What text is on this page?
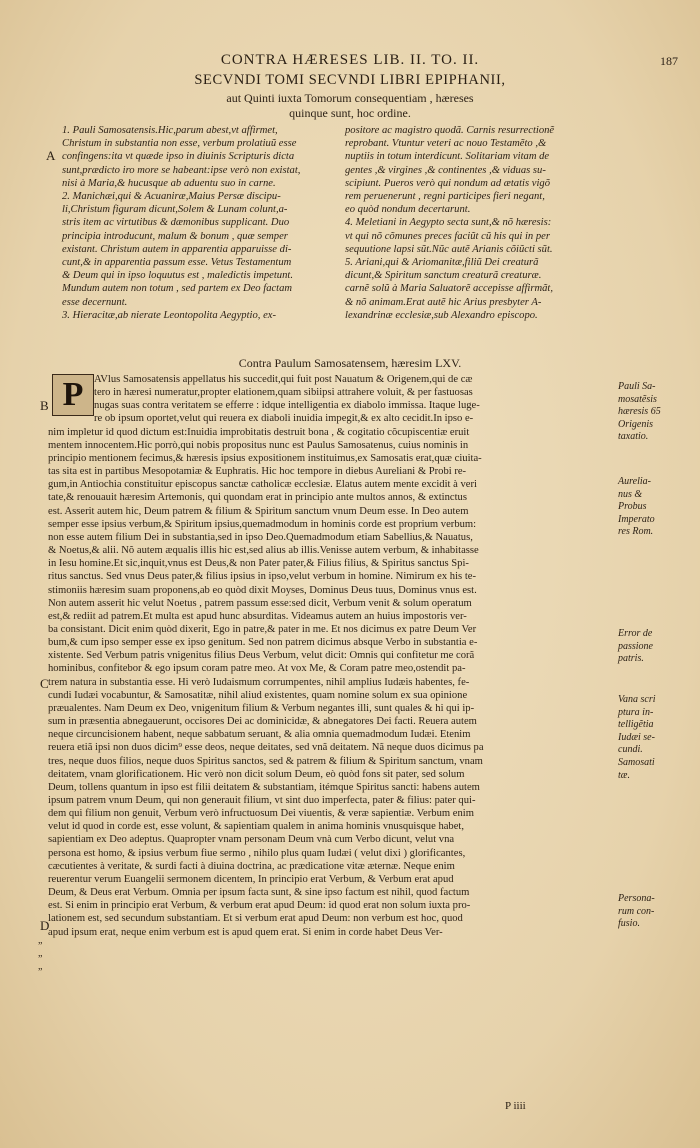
CONTRA HÆRESES LIB. II. TO. II.	187
SECVNDI TOMI SECVNDI LIBRI EPIPHANII,
aut Quinti iuxta Tomorum consequentiam , hæreses
quinque sunt, hoc ordine.
A

1. Pauli Samosatensis.Hic,parum abest,vt affirmet,

Christum in substantia non esse, verbum prolatiuũ esse

confingens:ita vt quæde ipso in diuinis Scripturis dicta

sunt,prædicto iro more se habeant:ipse verò non existat,

nisi à Maria,& hucusque ab aduentu suo in carne.

2. Manichæi,qui & Acuaniræ,Maius Persæ discipu-

li,Christum figuram dicunt,Solem & Lunam colunt,a-

stris item ac virtutibus & dæmonibus supplicant. Duo

principia introducunt, malum & bonum , quæ semper

existant. Christum autem in apparentia apparuisse di-

cunt,& in apparentia passum esse. Vetus Testamentum

& Deum qui in ipso loquutus est , maledictis impetunt.

Mundum autem non totum , sed partem ex Deo factam

esse decernunt.

3. Hieracitæ,ab nierate Leontopolita Aegyptio, ex-

positore ac magistro quodã. Carnis resurrectionẽ

reprobant. Vtuntur veteri ac nouo Testamẽto ,&

nuptiis in totum interdicunt. Solitariam vitam de

gentes ,& virgines ,& continentes ,& viduas su-

scipiunt. Pueros verò qui nondum ad ætatis vigõ

rem peruenerunt , regni participes fieri negant,

eo quòd nondum decertarunt.

4. Meletiani in Aegypto secta sunt,& nõ hæresis:

vt qui nõ cõmunes preces faciũt cũ his qui in per

sequutione lapsi sũt.Nũc autẽ Arianis cõiũcti sũt.

5. Ariani,qui & Ariomanitæ,filiũ Dei creaturã

dicunt,& Spiritum sanctum creaturã creaturæ.

carnẽ solũ à Maria Saluatorẽ accepisse affirmãt,

& nõ animam.Erat autẽ hic Arius presbyter A-

lexandrinæ ecclesiæ,sub Alexandro episcopo.

Contra Paulum Samosatensem, hæresim LXV.
P
B
C
D
„
„
„

AVlus Samosatensis appellatus his succedit,qui fuit post Nauatum & Origenem,qui de cæ

tero in hæresi numeratur,propter elationem,quam sibiipsi attrahere voluit, & per fastuosas

nugas suas contra veritatem se efferre : idque intelligentia ex diabolo immissa. Itaque luge-

re ob ipsum oportet,velut qui reuera ex diaboli inuidia impegit,& ex alto cecidit.In ipso e-

nim impletur id quod dictum est:Inuidia improbitatis destruit bona , & cogitatio cõcupiscentiæ eruit

mentem innocentem.Hic porrò,qui nobis propositus nunc est Paulus Samosatenus, cuius nominis in

principio mentionem fecimus,& hæresis ipsius expositionem instituimus,ex Samosatis erat,quæ ciuita-

tas sita est in partibus Mesopotamiæ & Euphratis. Hic hoc tempore in diebus Aureliani & Probi re-

gum,in Antiochia constituitur episcopus sanctæ catholicæ ecclesiæ. Elatus autem mente excidit à veri

tate,& renouauit hæresim Artemonis, qui quondam erat in principio ante multos annos, & extinctus

est. Asserit autem hic, Deum patrem & filium & Spiritum sanctum vnum Deum esse. In Deo autem

semper esse ipsius verbum,& Spiritum ipsius,quemadmodum in hominis corde est proprium verbum:

non esse autem filium Dei in substantia,sed in ipso Deo.Quemadmodum etiam Sabellius,& Nauatus,

& Noetus,& alii. Nõ autem æqualis illis hic est,sed alius ab illis.Venisse autem verbum, & inhabitasse

in Iesu homine.Et sic,inquit,vnus est Deus,& non Pater pater,& Filius filius, & Spiritus sanctus Spi-

ritus sanctus. Sed vnus Deus pater,& filius ipsius in ipso,velut verbum in homine. Nimirum ex his te-

stimoniis hæresim suam proponens,ab eo quòd dixit Moyses, Dominus Deus tuus, Dominus vnus est.

Non autem asserit hic velut Noetus , patrem passum esse:sed dicit, Verbum venit & solum operatum

est,& rediit ad patrem.Et multa est apud hunc absurditas. Videamus autem an huius impostoris ver-

ba consistant. Dicit enim quòd dixerit, Ego in patre,& pater in me. Et nos dicimus ex patre Deum Ver

bum,& cum ipso semper esse ex ipso genitum. Sed non patrem dicimus absque Verbo in substantia e-

xistente. Sed Verbum patris vnigenitus filius Deus Verbum, velut dicit: Omnis qui confitetur me corã

hominibus, confitebor & ego ipsum coram patre meo. At vox Me, & Coram patre meo,ostendit pa-

trem natura in substantia esse. Hi verò Iudaismum corrumpentes, nihil amplius Iudæis habentes, fe-

cundi Iudæi vocabuntur, & Samosatitæ, nihil aliud existentes, quam nomine solum ex sua opinione

præualentes. Nam Deum ex Deo, vnigenitum filium & Verbum negantes illi, sunt quales & hi qui ip-

sum in præsentia abnegauerunt, occisores Dei ac dominicidæ, & abnegatores Dei facti. Reuera autem

neque circuncisionem habent, neque sabbatum seruant, & alia omnia quemadmodum Iudæi. Etenim

reuera etiã ipsi non duos dicim⁹ esse deos, neque deitates, sed vnã deitatem. Nã neque duos dicimus pa

tres, neque duos filios, neque duos Spiritus sanctos, sed & patrem & filium & Spiritum sanctum, vnam

deitatem, vnam glorificationem. Hic verò non dicit solum Deum, eò quòd fons sit pater, sed solum

Deum, tollens quantum in ipso est filii deitatem & substantiam, itémque Spiritus sancti: habens autem

ipsum patrem vnum Deum, qui non generauit filium, vt sint duo imperfecta, pater & filius: pater qui-

dem qui filium non genuit, Verbum verò infructuosum Dei viuentis, & veræ sapientiæ. Verbum enim

velut id quod in corde est, esse volunt, & sapientiam qualem in anima hominis vnusquisque habet,

sapientiam ex Deo adeptus. Quapropter vnam personam Deum vnà cum Verbo dicunt, velut vna

persona est homo, & ipsius verbum fiue sermo , nihilo plus quam Iudæi ( velut dixi ) glorificantes,

cæcutientes à veritate, & surdi facti à diuina doctrina, ac prædicatione vitæ æternæ. Neque enim

reuerentur verum Euangelii sermonem dicentem, In principio erat Verbum, & Verbum erat apud

Deum, & Deus erat Verbum. Omnia per ipsum facta sunt, & sine ipso factum est nihil, quod factum

est. Si enim in principio erat Verbum, & verbum erat apud Deum: id quod erat non solum iuxta pro-

lationem est, sed secundum substantiam. Et si verbum erat apud Deum: non verbum est hoc, quod

apud ipsum erat, neque enim verbum est is apud quem erat. Si enim in corde habet Deus Ver-

Pauli Sa-

mosatẽsis

hæresis 65

Origenis

taxatio.

Aurelia-

nus &

Probus

Imperato

res Rom.

Error de

passione

patris.

Vana scri

ptura in-

telligẽtia

Iudæi se-

cundi.

Samosati

tæ.

Persona-

rum con-

fusio.

P iiii
